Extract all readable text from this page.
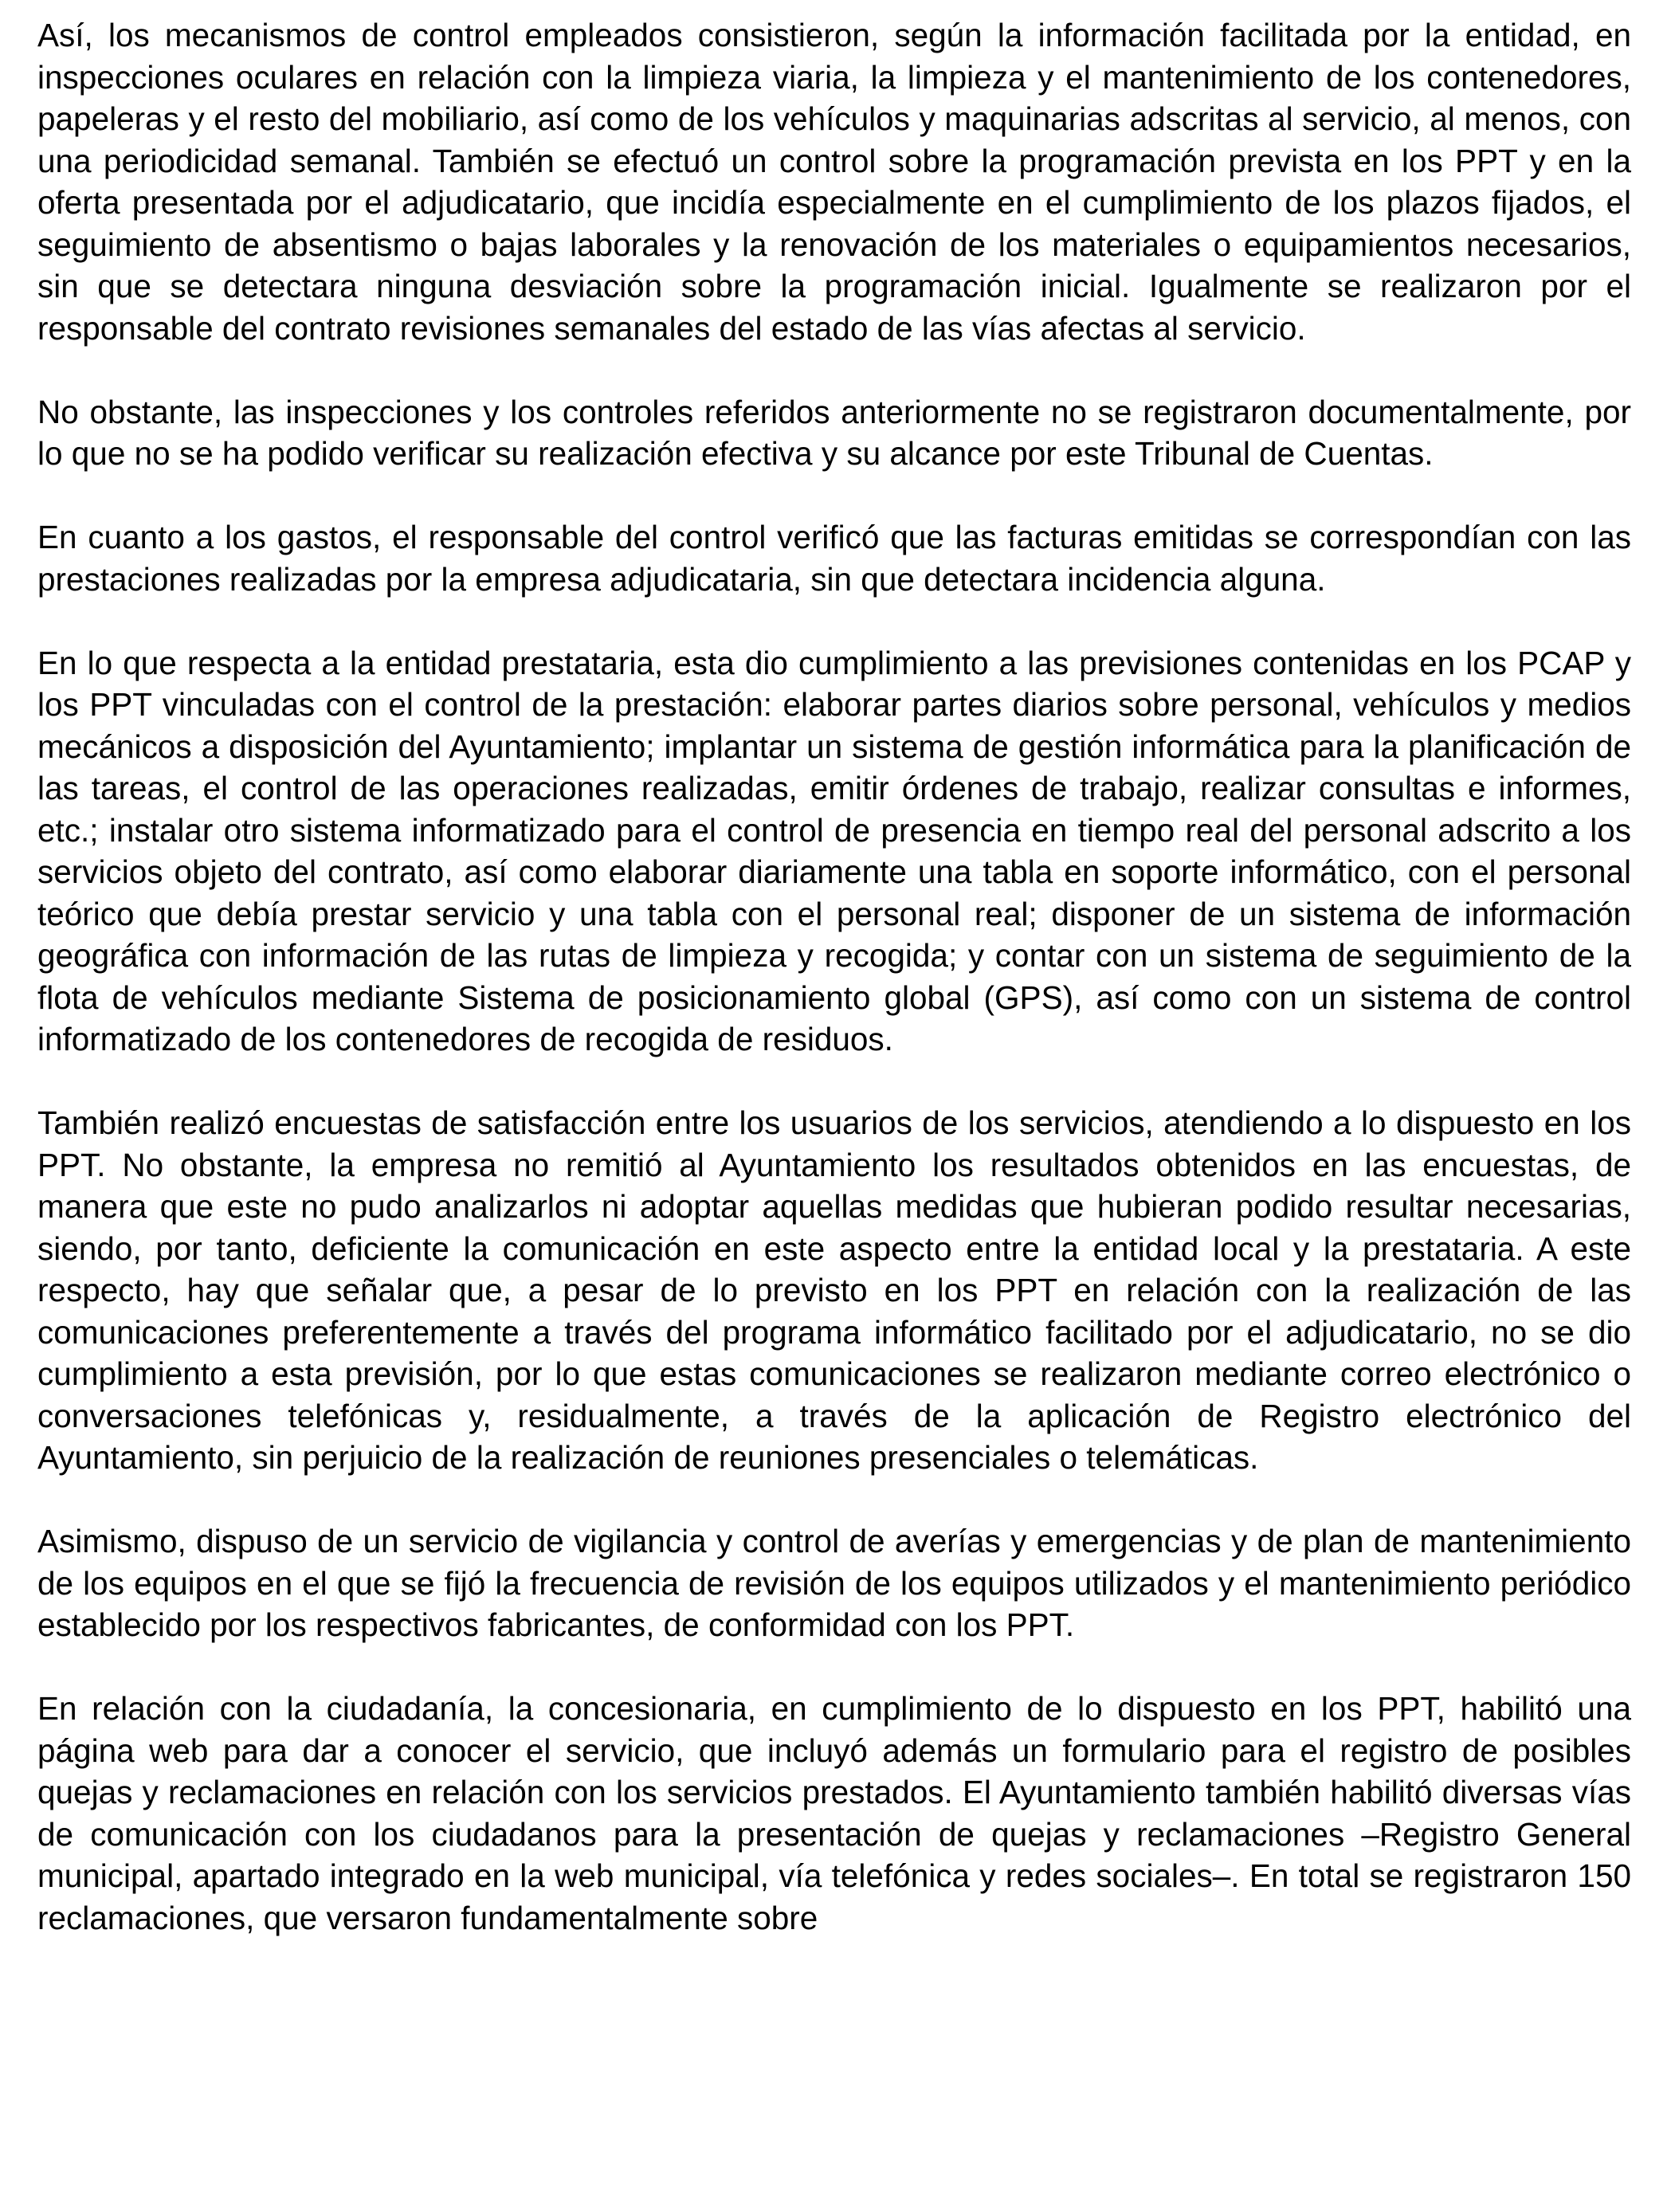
Así, los mecanismos de control empleados consistieron, según la información facilitada por la entidad, en inspecciones oculares en relación con la limpieza viaria, la limpieza y el mantenimiento de los contenedores, papeleras y el resto del mobiliario, así como de los vehículos y maquinarias adscritas al servicio, al menos, con una periodicidad semanal. También se efectuó un control sobre la programación prevista en los PPT y en la oferta presentada por el adjudicatario, que incidía especialmente en el cumplimiento de los plazos fijados, el seguimiento de absentismo o bajas laborales y la renovación de los materiales o equipamientos necesarios, sin que se detectara ninguna desviación sobre la programación inicial. Igualmente se realizaron por el responsable del contrato revisiones semanales del estado de las vías afectas al servicio.

No obstante, las inspecciones y los controles referidos anteriormente no se registraron documentalmente, por lo que no se ha podido verificar su realización efectiva y su alcance por este Tribunal de Cuentas.

En cuanto a los gastos, el responsable del control verificó que las facturas emitidas se correspondían con las prestaciones realizadas por la empresa adjudicataria, sin que detectara incidencia alguna.

En lo que respecta a la entidad prestataria, esta dio cumplimiento a las previsiones contenidas en los PCAP y los PPT vinculadas con el control de la prestación: elaborar partes diarios sobre personal, vehículos y medios mecánicos a disposición del Ayuntamiento; implantar un sistema de gestión informática para la planificación de las tareas, el control de las operaciones realizadas, emitir órdenes de trabajo, realizar consultas e informes, etc.; instalar otro sistema informatizado para el control de presencia en tiempo real del personal adscrito a los servicios objeto del contrato, así como elaborar diariamente una tabla en soporte informático, con el personal teórico que debía prestar servicio y una tabla con el personal real; disponer de un sistema de información geográfica con información de las rutas de limpieza y recogida; y contar con un sistema de seguimiento de la flota de vehículos mediante Sistema de posicionamiento global (GPS), así como con un sistema de control informatizado de los contenedores de recogida de residuos.

También realizó encuestas de satisfacción entre los usuarios de los servicios, atendiendo a lo dispuesto en los PPT. No obstante, la empresa no remitió al Ayuntamiento los resultados obtenidos en las encuestas, de manera que este no pudo analizarlos ni adoptar aquellas medidas que hubieran podido resultar necesarias, siendo, por tanto, deficiente la comunicación en este aspecto entre la entidad local y la prestataria. A este respecto, hay que señalar que, a pesar de lo previsto en los PPT en relación con la realización de las comunicaciones preferentemente a través del programa informático facilitado por el adjudicatario, no se dio cumplimiento a esta previsión, por lo que estas comunicaciones se realizaron mediante correo electrónico o conversaciones telefónicas y, residualmente, a través de la aplicación de Registro electrónico del Ayuntamiento, sin perjuicio de la realización de reuniones presenciales o telemáticas.

Asimismo, dispuso de un servicio de vigilancia y control de averías y emergencias y de plan de mantenimiento de los equipos en el que se fijó la frecuencia de revisión de los equipos utilizados y el mantenimiento periódico establecido por los respectivos fabricantes, de conformidad con los PPT.

En relación con la ciudadanía, la concesionaria, en cumplimiento de lo dispuesto en los PPT, habilitó una página web para dar a conocer el servicio, que incluyó además un formulario para el registro de posibles quejas y reclamaciones en relación con los servicios prestados. El Ayuntamiento también habilitó diversas vías de comunicación con los ciudadanos para la presentación de quejas y reclamaciones –Registro General municipal, apartado integrado en la web municipal, vía telefónica y redes sociales–. En total se registraron 150 reclamaciones, que versaron fundamentalmente sobre
